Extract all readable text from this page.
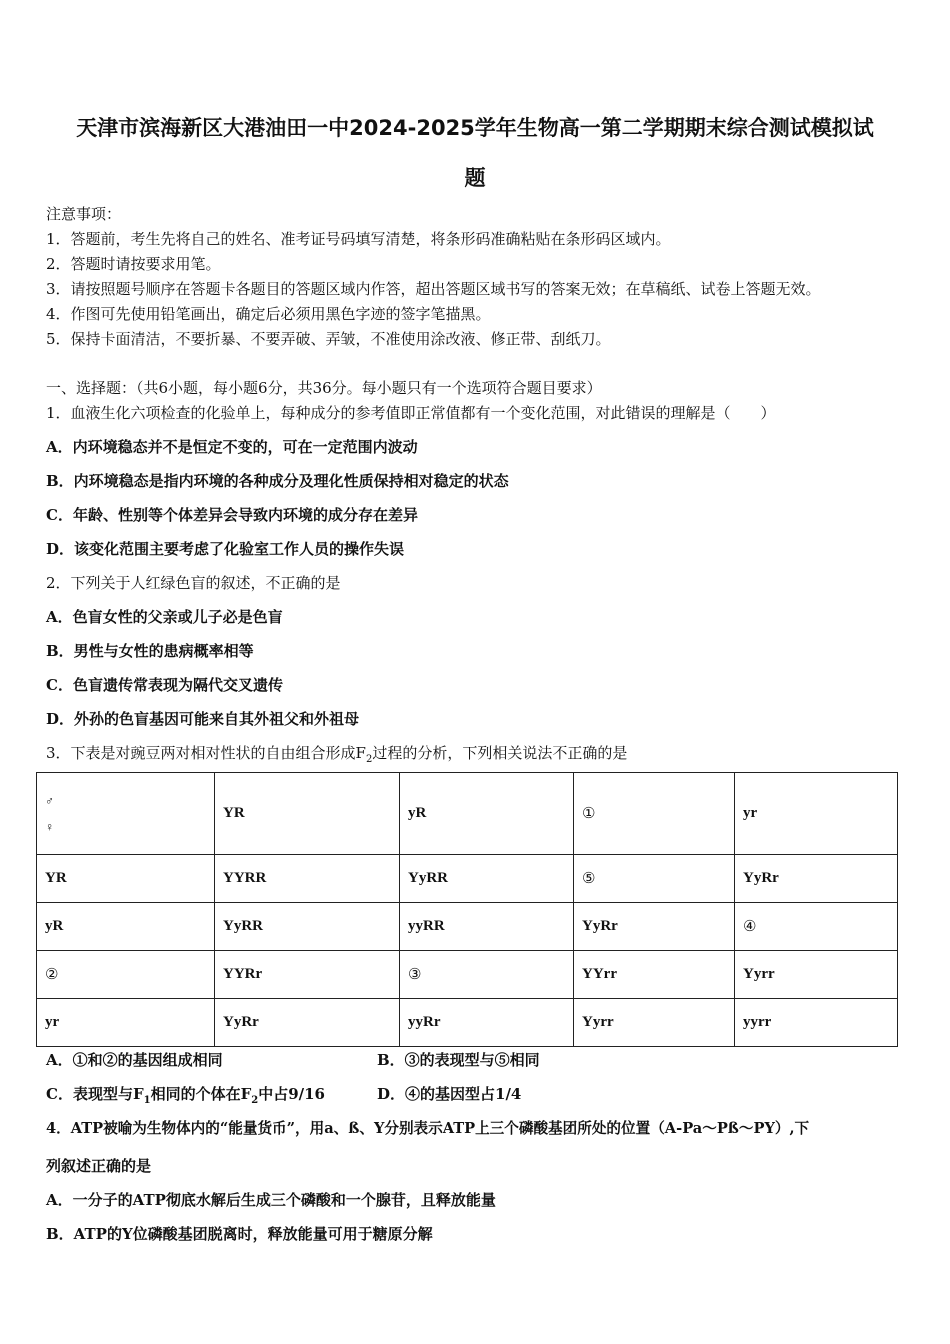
天津市滨海新区大港油田一中2024-2025学年生物高一第二学期期末综合测试模拟试
题
注意事项：
1．答题前，考生先将自己的姓名、准考证号码填写清楚，将条形码准确粘贴在条形码区域内。
2．答题时请按要求用笔。
3．请按照题号顺序在答题卡各题目的答题区域内作答，超出答题区域书写的答案无效；在草稿纸、试卷上答题无效。
4．作图可先使用铅笔画出，确定后必须用黑色字迹的签字笔描黑。
5．保持卡面清洁，不要折暴、不要弄破、弄皱，不准使用涂改液、修正带、刮纸刀。
一、选择题：（共6小题，每小题6分，共36分。每小题只有一个选项符合题目要求）
1．血液生化六项检查的化验单上，每种成分的参考值即正常值都有一个变化范围，对此错误的理解是（　　）
A．内环境稳态并不是恒定不变的，可在一定范围内波动
B．内环境稳态是指内环境的各种成分及理化性质保持相对稳定的状态
C．年龄、性别等个体差异会导致内环境的成分存在差异
D．该变化范围主要考虑了化验室工作人员的操作失误
2．下列关于人红绿色盲的叙述，不正确的是
A．色盲女性的父亲或儿子必是色盲
B．男性与女性的患病概率相等
C．色盲遗传常表现为隔代交叉遗传
D．外孙的色盲基因可能来自其外祖父和外祖母
3．下表是对豌豆两对相对性状的自由组合形成$F_2$过程的分析，下列相关说法不正确的是
♂
♀	YR	yR	①	yr
YR	YYRR	YyRR	⑤	YyRr
yR	YyRR	yyRR	YyRr	④
②	YYRr	③	YYrr	Yyrr
yr	YyRr	yyRr	Yyrr	yyrr
A．①和②的基因组成相同	B．③的表现型与⑤相同
C．表现型与$F_1$相同的个体在$F_2$中占9/16	D．④的基因型占1/4
4．ATP被喻为生物体内的“能量货币”，用a、ß、Y分别表示ATP上三个磷酸基团所处的位置（A-Pa～Pß～PY）,下
列叙述正确的是
A．一分子的ATP彻底水解后生成三个磷酸和一个腺苷，且释放能量
B．ATP的Y位磷酸基团脱离时，释放能量可用于糖原分解
